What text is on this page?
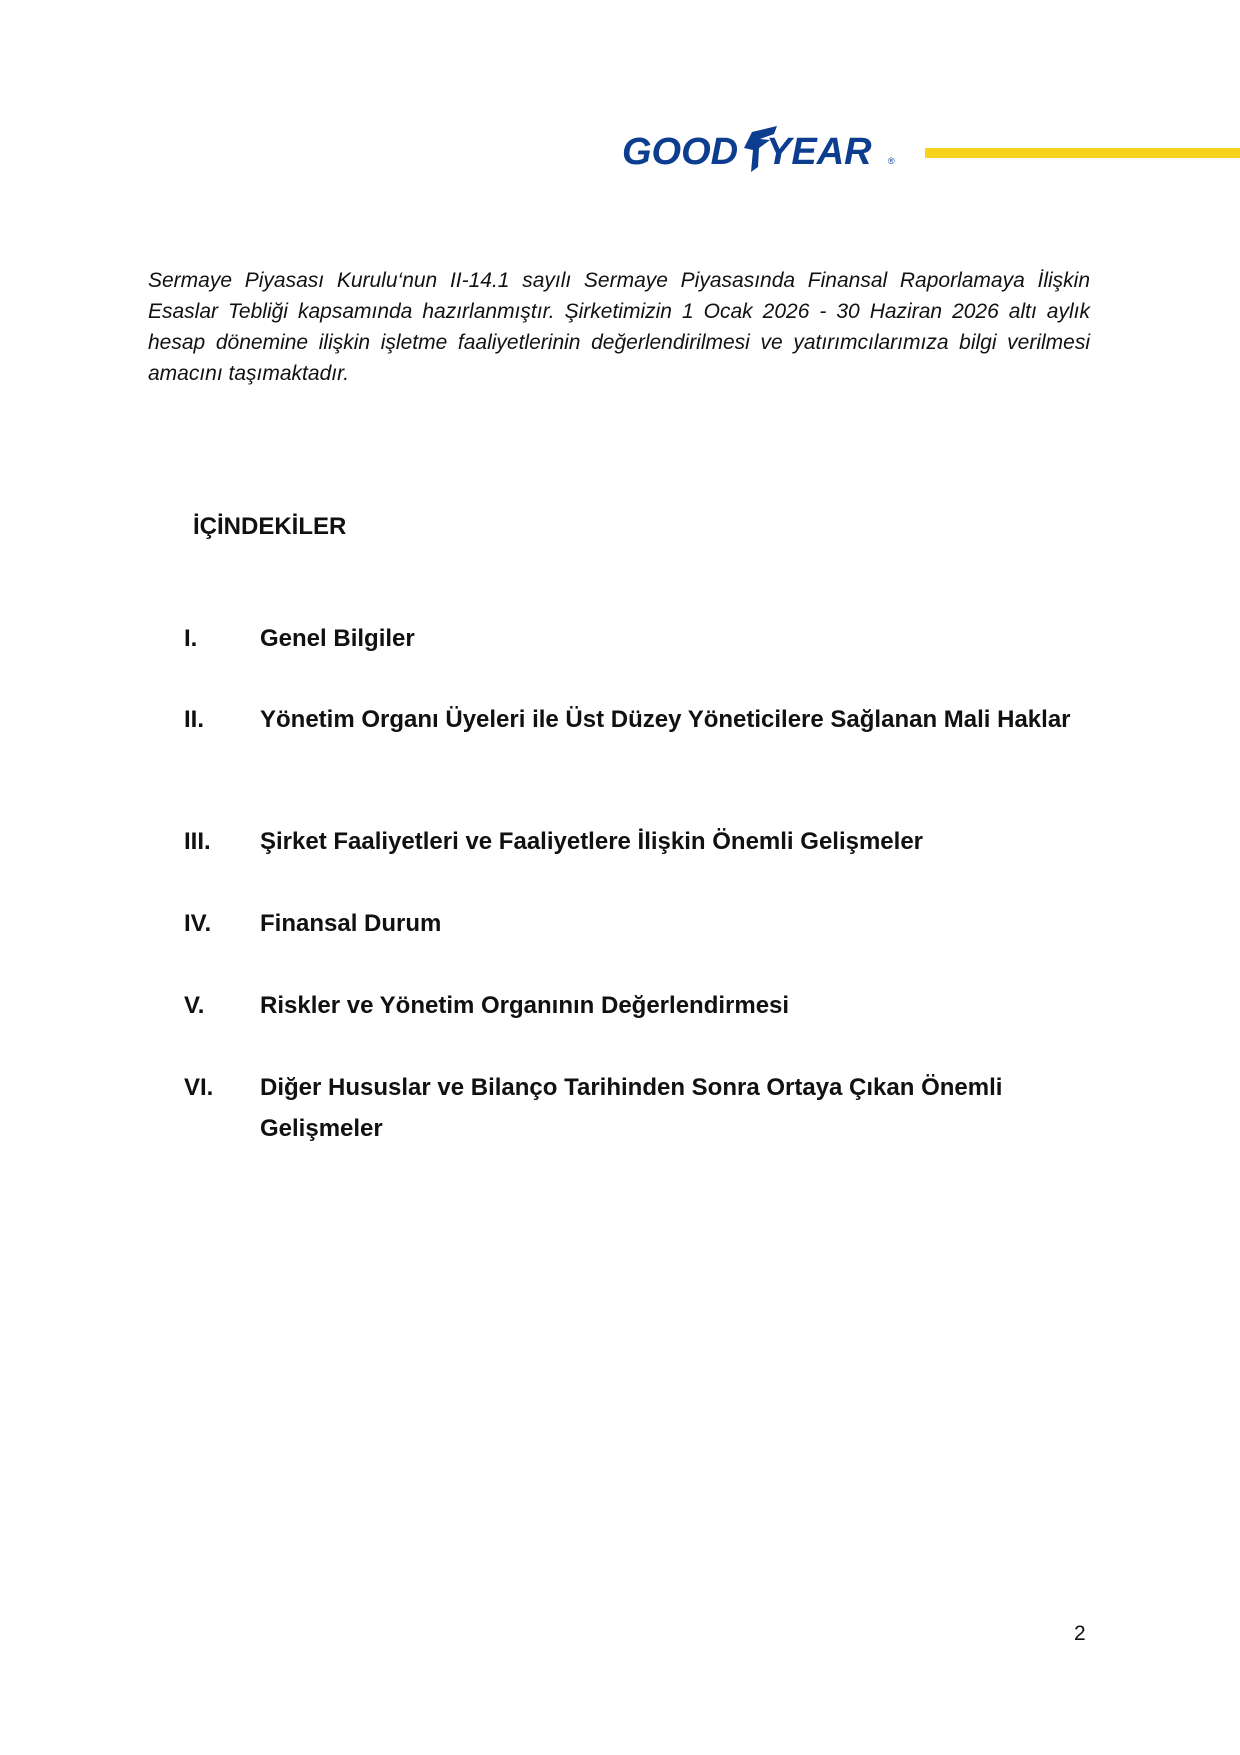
GOOD YEAR ®

Sermaye Piyasası Kurulu‘nun II-14.1 sayılı Sermaye Piyasasında Finansal Raporlamaya İlişkin Esaslar Tebliği kapsamında hazırlanmıştır. Şirketimizin 1 Ocak 2026 - 30 Haziran 2026 altı aylık hesap dönemine ilişkin işletme faaliyetlerinin değerlendirilmesi ve yatırımcılarımıza bilgi verilmesi amacını taşımaktadır.

İÇİNDEKİLER
I.	Genel Bilgiler
II.	Yönetim Organı Üyeleri ile Üst Düzey Yöneticilere Sağlanan Mali Haklar
III.	Şirket Faaliyetleri ve Faaliyetlere İlişkin Önemli Gelişmeler
IV.	Finansal Durum
V.	Riskler ve Yönetim Organının Değerlendirmesi
VI.	Diğer Hususlar ve Bilanço Tarihinden Sonra Ortaya Çıkan Önemli Gelişmeler
2
